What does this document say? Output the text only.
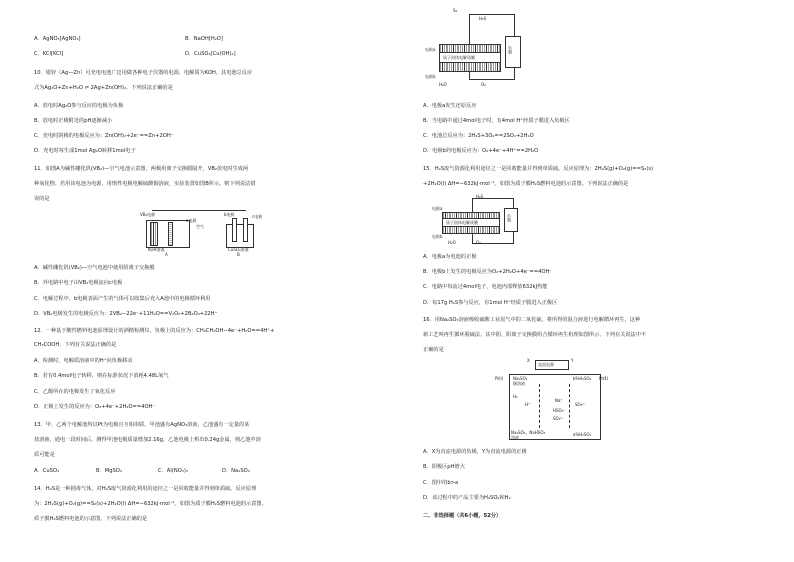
A．AgNO₃[AgNO₃]	B．NaOH[H₂O]
C．KCl[KCl]	D．CuSO₄[Cu(OH)₂]
10．银锌（Ag—Zn）可充电电池广泛用做各种电子仪器的电源，电解质为KOH。其电池总反应
式为Ag₂O+Zn+H₂O ⇌ 2Ag+Zn(OH)₂，下列说法正确的是
A．放电时Ag₂O参与反应的电极为负极
B．放电时正极附近的pH逐渐减小
C．充电时阴极的电极反应为：Zn(OH)₂+2e⁻==Zn+2OH⁻
D．充电时每生成1mol Ag₂O转移1mol电子
11．如图A为碱性硼化钒(VB₂)—空气电池示意图，两极用离子交换膜隔开，VB₂放电时生成两
种氧化物。若用该电池为电源，用惰性电极电解硫酸铜溶液，实验装置如图B所示。则下列说法错
误的是
A．碱性硼化钒(VB₂)—空气电池中使用阴离子交换膜
B．外电路中电子由VB₂电极流向c电极
C．电解过程中，b电极表面产生的气体可以收集后充入A池中的电极循环利用
D．VB₂电极发生的电极反应为：2VB₂−22e⁻+11H₂O==V₂O₅+2B₂O₃+22H⁺
12．一种基于酸性燃料电池原理设计的酒精检测仪，负极上的反应为：CH₃CH₂OH−4e⁻+H₂O==4H⁺+
CH₃COOH，下列有关说法正确的是
A．检测时，电解质溶液中的H⁺向负极移动
B．若有0.4mol电子转移，则在标准状况下消耗4.48L氧气
C．乙醇所在的电极发生了氧化反应
D．正极上发生的反应为：O₂+4e⁻+2H₂O==4OH⁻
13．甲、乙两个电解池均以Pt为电极且互相串联。甲池盛有AgNO₃溶液，乙池盛有一定量的某
盐溶液，通电一段时间后，测得甲池电极质量增加2.16g，乙池电极上析出0.24g金属，则乙池中溶
质可能是
A．CuSO₄	B．MgSO₄	C．Al(NO₃)₃	D．Na₂SO₄
14．H₂S是一种剧毒气体，对H₂S废气资源化利用的途径之一是回收能量并得到单质硫。反应原理
为：2H₂S(g)+O₂(g)==S₂(s)+2H₂O(l) ΔH=−632kJ·mol⁻¹。如图为质子膜H₂S燃料电池的示意图。
质子膜H₂S燃料电池的示意图。下列说法正确的是
A．电极a发生还原反应
B．当电路中通过4mol电子时，有4mol H⁺经质子膜进入负极区
C．电池总反应为：2H₂S+3O₂==2SO₂+2H₂O
D．电极b的电极反应为：O₂+4e⁻+4H⁺==2H₂O
15．H₂S废气资源化利用途径之一是回收能量并得到单质硫。反应原理为：2H₂S(g)+O₂(g)==S₂(s)
+2H₂O(l) ΔH=−632kJ·mol⁻¹。如图为质子膜H₂S燃料电池的示意图。下列说法正确的是
A．电极a为电池的正极
B．电极b上发生的电极反应为O₂+2H₂O+4e⁻==4OH⁻
C．电路中每流过4mol电子，电池内部释放632kJ热能
D．每17g H₂S参与反应，有1mol H⁺经质子膜进入正极区
16．用Na₂SO₃溶液吸收硫酸工业尾气中的二氧化硫，将所得的混合液进行电解循环再生，这种
新工艺叫再生循环脱硫法。其中阴、阳离子交换膜组合循环再生机理如图所示，下列有关说法中不
正确的是
A．X为直流电源的负极，Y为直流电源的正极
B．阳极区pH增大
C．图中的b>a
D．该过程中的产品主要为H₂SO₄和H₂
二、非选择题（共6小题，52分）
VB₂电极
a电极
空气
KOH溶液
A
b电极	c电极
CuSO₄溶液
B
负载
质子固体电解质膜
电极a
电极b
S₂
H₂S
H₂O	O₂
负载
质子固体电解质膜
电极a
电极b
H₂S
H₂O	O₂
直流电源
X	Y
Pt(Ⅰ)	Pt(Ⅱ)
Na₂SO₃
稀溶液
b%H₂SO₄
Na⁺
H⁺
HSO₃⁻
SO₄²⁻
SO₃²⁻
H₂
Na₂SO₃、NaHSO₃
溶液
a%H₂SO₄
